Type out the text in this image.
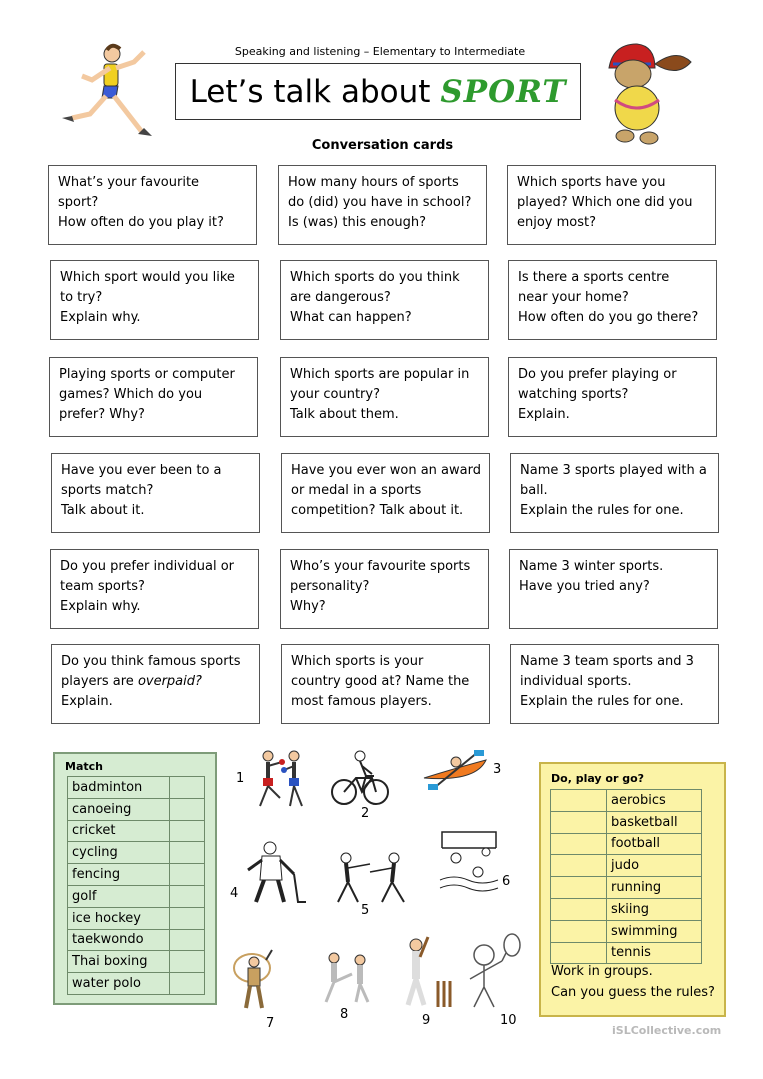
Speaking and listening – Elementary to Intermediate
Let’s talk about SPORT
Conversation cards
What’s your favourite
sport?
How often do you play it?
How many hours of sports
do (did) you have in school?
Is (was) this enough?
Which sports have you
played? Which one did you
enjoy most?
Which sport would you like
to try?
Explain why.
Which sports do you think
are dangerous?
What can happen?
Is there a sports centre
near your home?
How often do you go there?
Playing sports or computer
games? Which do you
prefer? Why?
Which sports are popular in
your country?
Talk about them.
Do you prefer playing or
watching sports?
Explain.
Have you ever been to a
sports match?
Talk about it.
Have you ever won an award
or medal in a sports
competition? Talk about it.
Name 3 sports played with a
ball.
Explain the rules for one.
Do you prefer individual or
team sports?
Explain why.
Who’s your favourite sports
personality?
Why?
Name 3 winter sports.
Have you tried any?
Do you think famous sports
players are overpaid?
Explain.
Which sports is your
country good at? Name the
most famous players.
Name 3 team sports and 3
individual sports.
Explain the rules for one.
Match
badminton	
canoeing	
cricket	
cycling	
fencing	
golf	
ice hockey	
taekwondo	
Thai boxing	
water polo	
1
2
3
4
5
6
7
8	9	10
Do, play or go?
	aerobics
	basketball
	football
	judo
	running
	skiing
	swimming
	tennis
Work in groups.
Can you guess the rules?
iSLCollective.com
